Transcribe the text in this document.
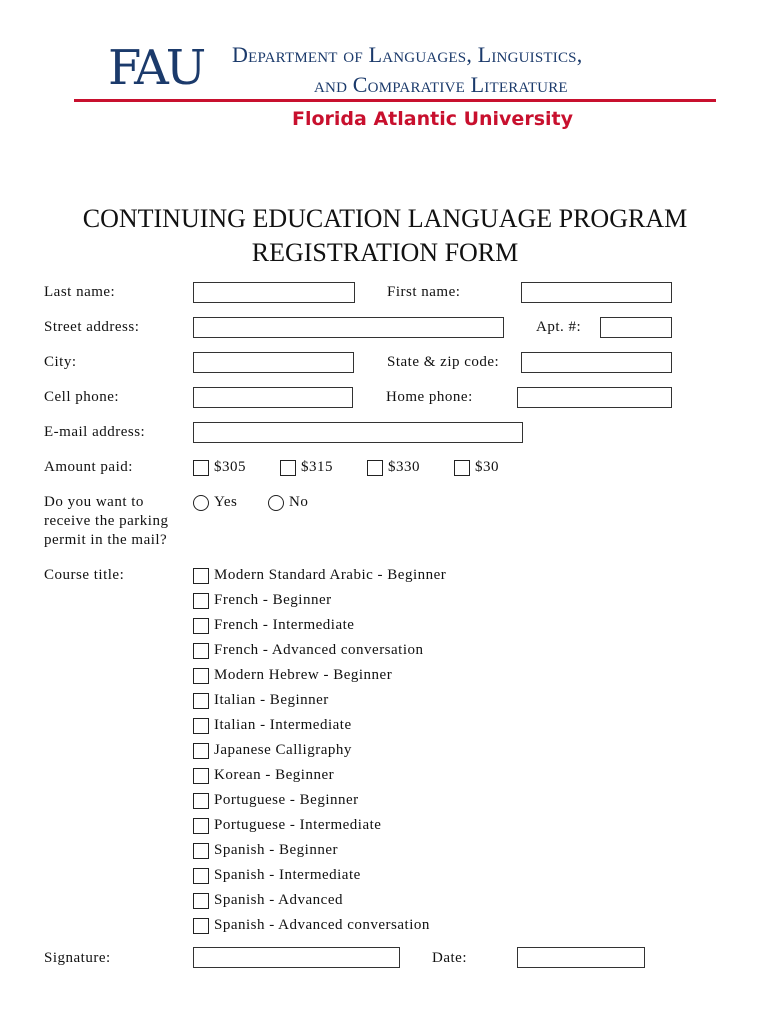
FAU	Department of Languages, Linguistics,
and Comparative Literature
Florida Atlantic University
CONTINUING EDUCATION LANGUAGE PROGRAM
REGISTRATION FORM
Last name:	First name:
Street address:	Apt. #:
City:	State & zip code:
Cell phone:	Home phone:
E-mail address:
Amount paid:	$305	$315	$330	$30
Do you want to
receive the parking
permit in the mail?
Yes	No
Course title:	Modern Standard Arabic - Beginner
French - Beginner
French - Intermediate
French - Advanced conversation
Modern Hebrew - Beginner
Italian - Beginner
Italian - Intermediate
Japanese Calligraphy
Korean - Beginner
Portuguese - Beginner
Portuguese - Intermediate
Spanish - Beginner
Spanish - Intermediate
Spanish - Advanced
Spanish - Advanced conversation
Signature:	Date:
